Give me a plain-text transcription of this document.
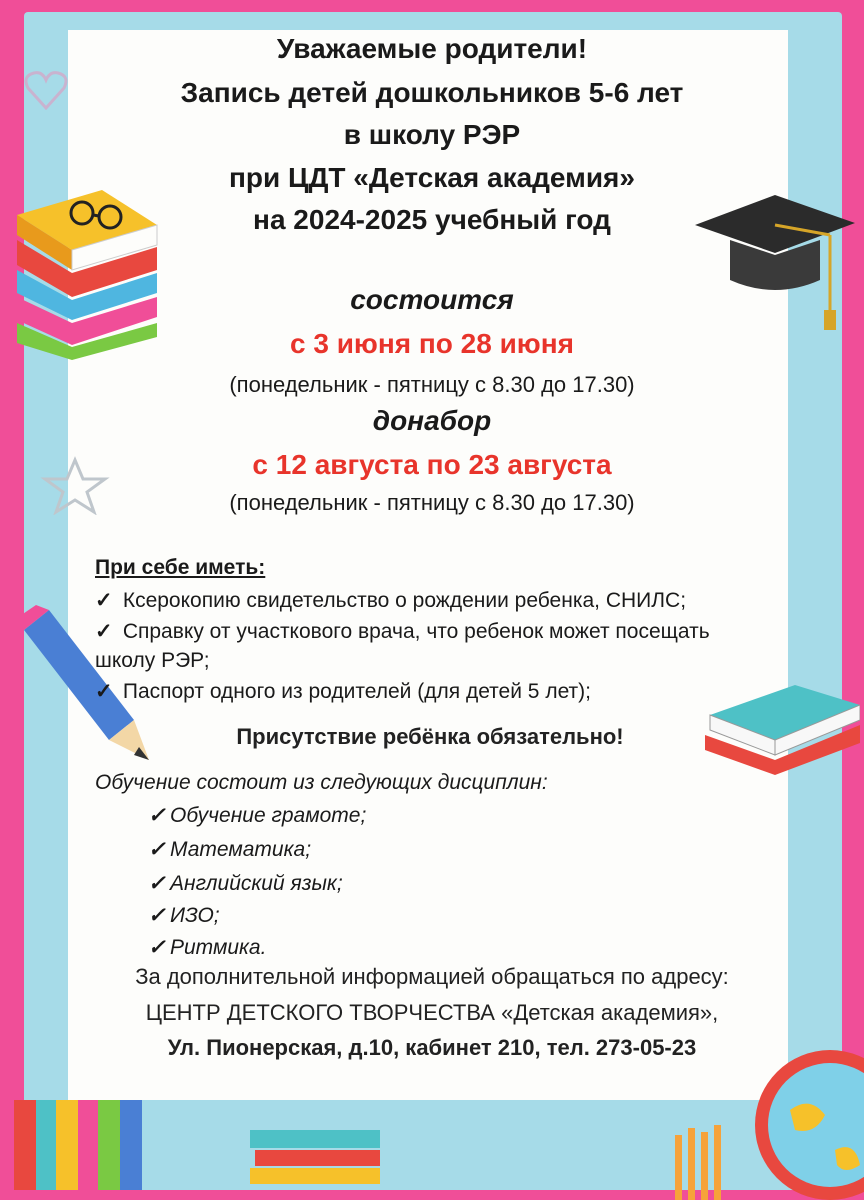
Уважаемые родители!
Запись детей дошкольников 5-6 лет
в школу РЭР
при ЦДТ «Детская академия»
на 2024-2025 учебный год
состоится
с 3 июня по 28 июня
(понедельник - пятницу с 8.30 до 17.30)
донабор
с 12 августа по 23 августа
(понедельник - пятницу с 8.30 до 17.30)
При себе иметь:
✓ Ксерокопию свидетельство о рождении ребенка, СНИЛС;
✓ Справку от участкового врача, что ребенок может посещать
школу РЭР;
✓ Паспорт одного из родителей (для детей 5 лет);
Присутствие ребёнка обязательно!
Обучение состоит из следующих дисциплин:
✓ Обучение грамоте;
✓ Математика;
✓ Английский язык;
✓ ИЗО;
✓ Ритмика.
За дополнительной информацией обращаться по адресу:
ЦЕНТР ДЕТСКОГО ТВОРЧЕСТВА «Детская академия»,
Ул. Пионерская, д.10, кабинет 210, тел. 273-05-23
